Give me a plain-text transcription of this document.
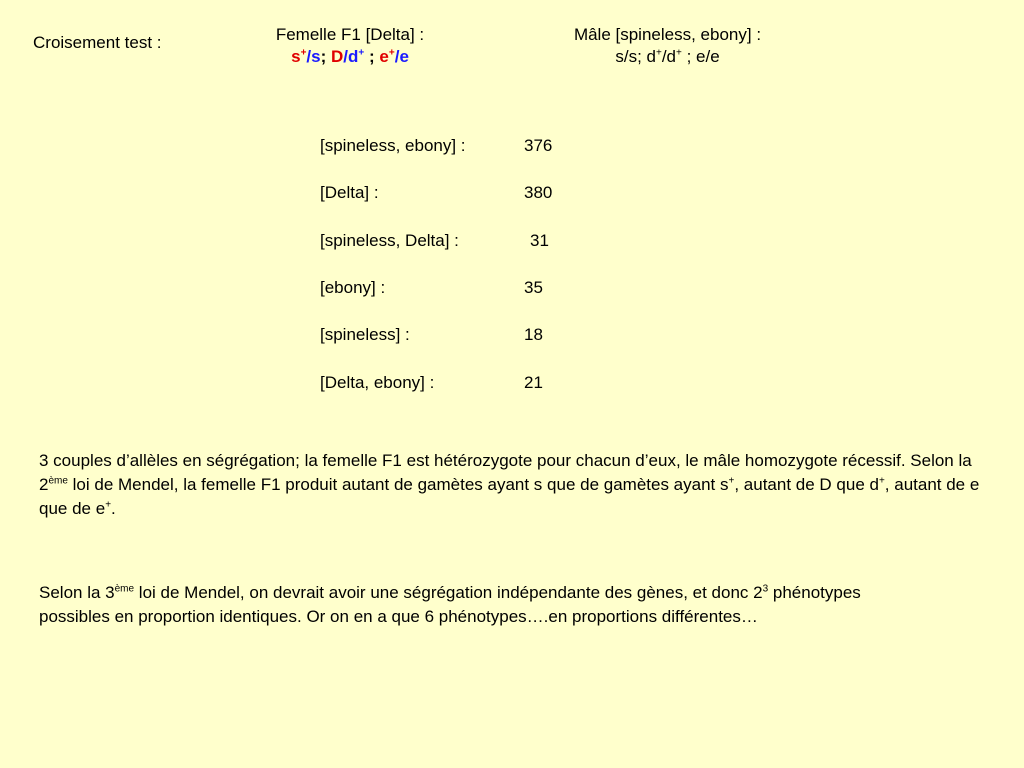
Croisement test :	Femelle F1 [Delta] :
s+/s; D/d+ ; e+/e
Mâle [spineless, ebony] :
s/s; d+/d+ ; e/e
[spineless, ebony] :	376
[Delta] :	380
[spineless, Delta] :	31
[ebony] :	35
[spineless] :	18
[Delta, ebony] :	21
3 couples d’allèles en ségrégation; la femelle F1 est hétérozygote pour chacun d’eux, le mâle homozygote récessif. Selon la 2ème loi de Mendel, la femelle F1 produit autant de gamètes ayant s que de gamètes ayant s+, autant de D que d+, autant de e que de e+.
Selon la 3ème loi de Mendel, on devrait avoir une ségrégation indépendante des gènes, et donc $2^3$ phénotypes possibles en proportion identiques. Or on en a que 6 phénotypes….en proportions différentes…
